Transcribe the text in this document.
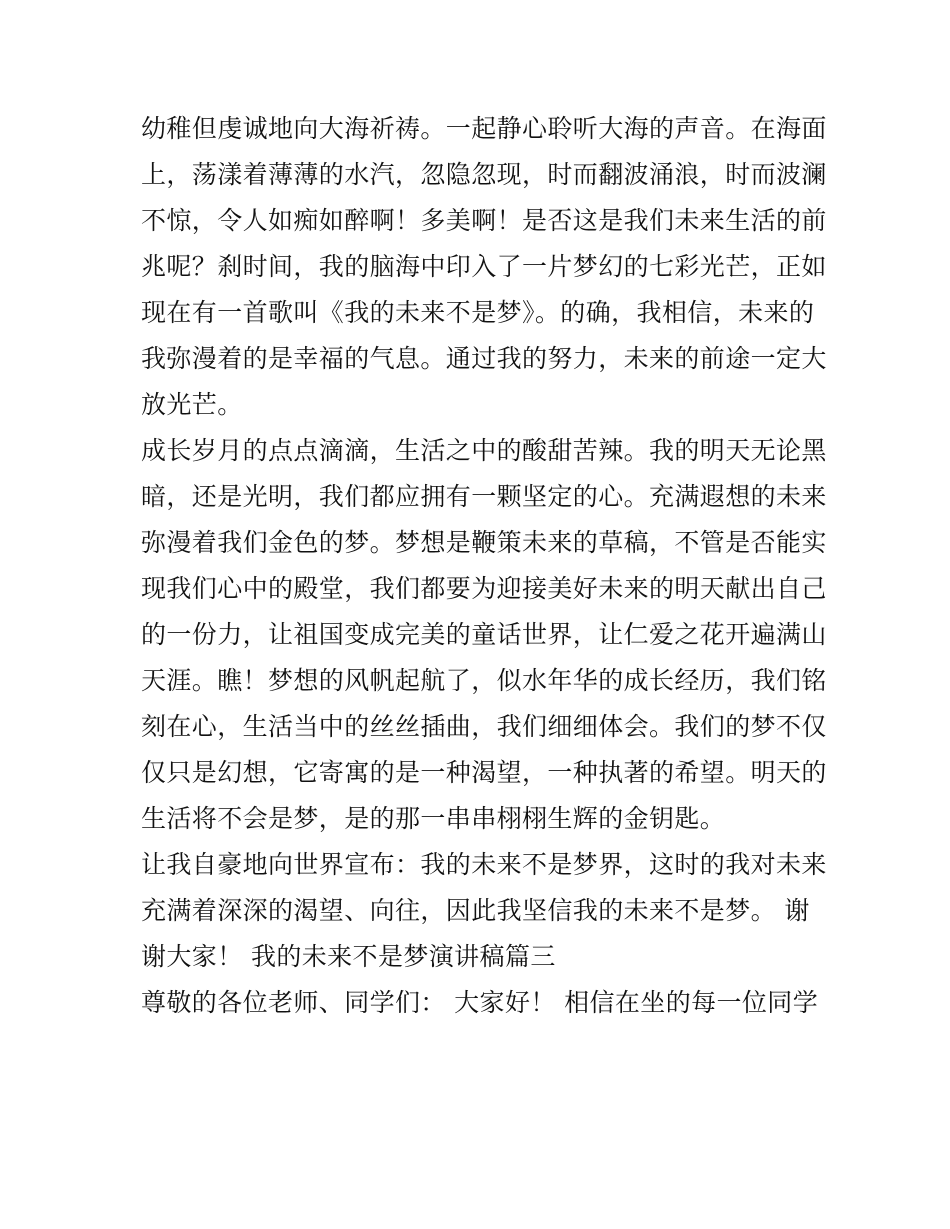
幼稚但虔诚地向大海祈祷。一起静心聆听大海的声音。在海面
上，荡漾着薄薄的水汽，忽隐忽现，时而翻波涌浪，时而波澜
不惊，令人如痴如醉啊！多美啊！是否这是我们未来生活的前
兆呢？刹时间，我的脑海中印入了一片梦幻的七彩光芒，正如
现在有一首歌叫《我的未来不是梦》。的确，我相信，未来的
我弥漫着的是幸福的气息。通过我的努力，未来的前途一定大
放光芒。
成长岁月的点点滴滴，生活之中的酸甜苦辣。我的明天无论黑
暗，还是光明，我们都应拥有一颗坚定的心。充满遐想的未来
弥漫着我们金色的梦。梦想是鞭策未来的草稿，不管是否能实
现我们心中的殿堂，我们都要为迎接美好未来的明天献出自己
的一份力，让祖国变成完美的童话世界，让仁爱之花开遍满山
天涯。瞧！梦想的风帆起航了，似水年华的成长经历，我们铭
刻在心，生活当中的丝丝插曲，我们细细体会。我们的梦不仅
仅只是幻想，它寄寓的是一种渴望，一种执著的希望。明天的
生活将不会是梦，是的那一串串栩栩生辉的金钥匙。
让我自豪地向世界宣布：我的未来不是梦界，这时的我对未来
充满着深深的渴望、向往，因此我坚信我的未来不是梦。 谢
谢大家！ 我的未来不是梦演讲稿篇三
尊敬的各位老师、同学们： 大家好！ 相信在坐的每一位同学
